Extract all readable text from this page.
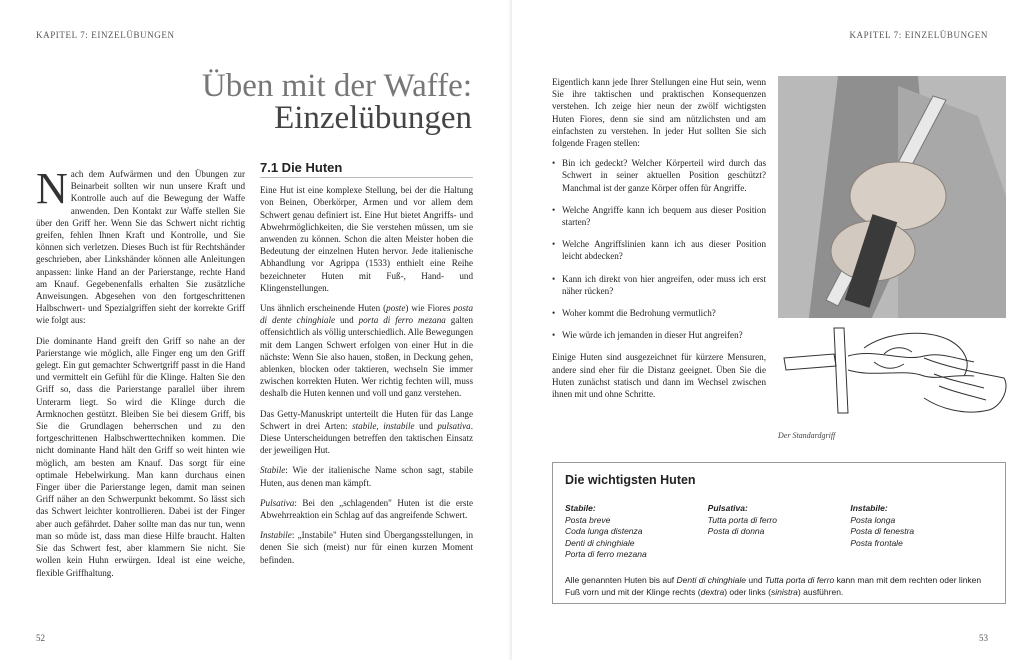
KAPITEL 7: EINZELÜBUNGEN
Üben mit der Waffe:
Einzelübungen

Nach dem Aufwärmen und den Übungen zur Beinarbeit sollten wir nun unsere Kraft und Kontrolle auch auf die Bewegung der Waffe anwenden. Den Kontakt zur Waffe stellen Sie über den Griff her. Wenn Sie das Schwert nicht richtig greifen, fehlen Ihnen Kraft und Kontrolle, und Sie können sich verletzen. Dieses Buch ist für Rechtshänder geschrieben, aber Linkshänder können alle Anleitungen anpassen: linke Hand an der Parierstange, rechte Hand am Knauf. Gegebenenfalls erhalten Sie zusätzliche Anweisungen. Abgesehen von den fortgeschrittenen Halbschwert- und Spezialgriffen sieht der korrekte Griff wie folgt aus:

Die dominante Hand greift den Griff so nahe an der Parierstange wie möglich, alle Finger eng um den Griff gelegt. Ein gut gemachter Schwertgriff passt in die Hand und vermittelt ein Gefühl für die Klinge. Halten Sie den Griff so, dass die Parierstange parallel über ihrem Unterarm liegt. So wird die Klinge durch die Armknochen gestützt. Bleiben Sie bei diesem Griff, bis Sie die Grundlagen beherrschen und zu den fortgeschrittenen Halbschwerttechniken kommen. Die nicht dominante Hand hält den Griff so weit hinten wie möglich, am besten am Knauf. Das sorgt für eine optimale Hebelwirkung. Man kann durchaus einen Finger über die Parierstange legen, damit man seinen Griff näher an den Schwerpunkt bekommt. So lässt sich das Schwert leichter kontrollieren. Dabei ist der Finger aber auch gefährdet. Daher sollte man das nur tun, wenn man so müde ist, dass man diese Hilfe braucht. Halten Sie das Schwert fest, aber klammern Sie nicht. Sie wollen kein Huhn erwürgen. Ideal ist eine weiche, flexible Griffhaltung.

7.1 Die Huten

Eine Hut ist eine komplexe Stellung, bei der die Haltung von Beinen, Oberkörper, Armen und vor allem dem Schwert genau definiert ist. Eine Hut bietet Angriffs- und Abwehrmöglichkeiten, die Sie verstehen müssen, um sie anwenden zu können. Schon die alten Meister hoben die Bedeutung der einzelnen Huten hervor. Jede italienische Abhandlung vor Agrippa (1533) enthielt eine Reihe bezeichneter Huten mit Fuß-, Hand- und Klingenstellungen.

Uns ähnlich erscheinende Huten (poste) wie Fiores posta di dente chinghiale und porta di ferro mezana galten offensichtlich als völlig unterschiedlich. Alle Bewegungen mit dem Langen Schwert erfolgen von einer Hut in die nächste: Wenn Sie also hauen, stoßen, in Deckung gehen, ablenken, blocken oder taktieren, wechseln Sie immer zwischen korrekten Huten. Wer richtig fechten will, muss deshalb die Huten kennen und voll und ganz verstehen.

Das Getty-Manuskript unterteilt die Huten für das Lange Schwert in drei Arten: stabile, instabile und pulsativa. Diese Unterscheidungen betreffen den taktischen Einsatz der jeweiligen Hut.

Stabile: Wie der italienische Name schon sagt, stabile Huten, aus denen man kämpft.

Pulsativa: Bei den „schlagenden" Huten ist die erste Abwehrreaktion ein Schlag auf das angreifende Schwert.

Instabile: „Instabile" Huten sind Übergangsstellungen, in denen Sie sich (meist) nur für einen kurzen Moment befinden.

52
KAPITEL 7: EINZELÜBUNGEN

Eigentlich kann jede Ihrer Stellungen eine Hut sein, wenn Sie ihre taktischen und praktischen Konsequenzen verstehen. Ich zeige hier neun der zwölf wichtigsten Huten Fiores, denn sie sind am nützlichsten und am einfachsten zu verstehen. In jeder Hut sollten Sie sich folgende Fragen stellen:

• Bin ich gedeckt? Welcher Körperteil wird durch das Schwert in seiner aktuellen Position geschützt? Manchmal ist der ganze Körper offen für Angriffe.
• Welche Angriffe kann ich bequem aus dieser Position starten?
• Welche Angriffslinien kann ich aus dieser Position leicht abdecken?
• Kann ich direkt von hier angreifen, oder muss ich erst näher rücken?
• Woher kommt die Bedrohung vermutlich?
• Wie würde ich jemanden in dieser Hut angreifen?

Einige Huten sind ausgezeichnet für kürzere Mensuren, andere sind eher für die Distanz geeignet. Üben Sie die Huten zunächst statisch und dann im Wechsel zwischen ihnen mit und ohne Schritte.

Der Standardgriff
Die wichtigsten Huten
Stabile:
Posta breve
Coda lunga distenza
Denti di chinghiale
Porta di ferro mezana
Pulsativa:
Tutta porta di ferro
Posta di donna
Instabile:
Posta longa
Posta di fenestra
Posta frontale
Alle genannten Huten bis auf Denti di chinghiale und Tutta porta di ferro kann man mit dem rechten oder linken Fuß vorn und mit der Klinge rechts (dextra) oder links (sinistra) ausführen.
53
